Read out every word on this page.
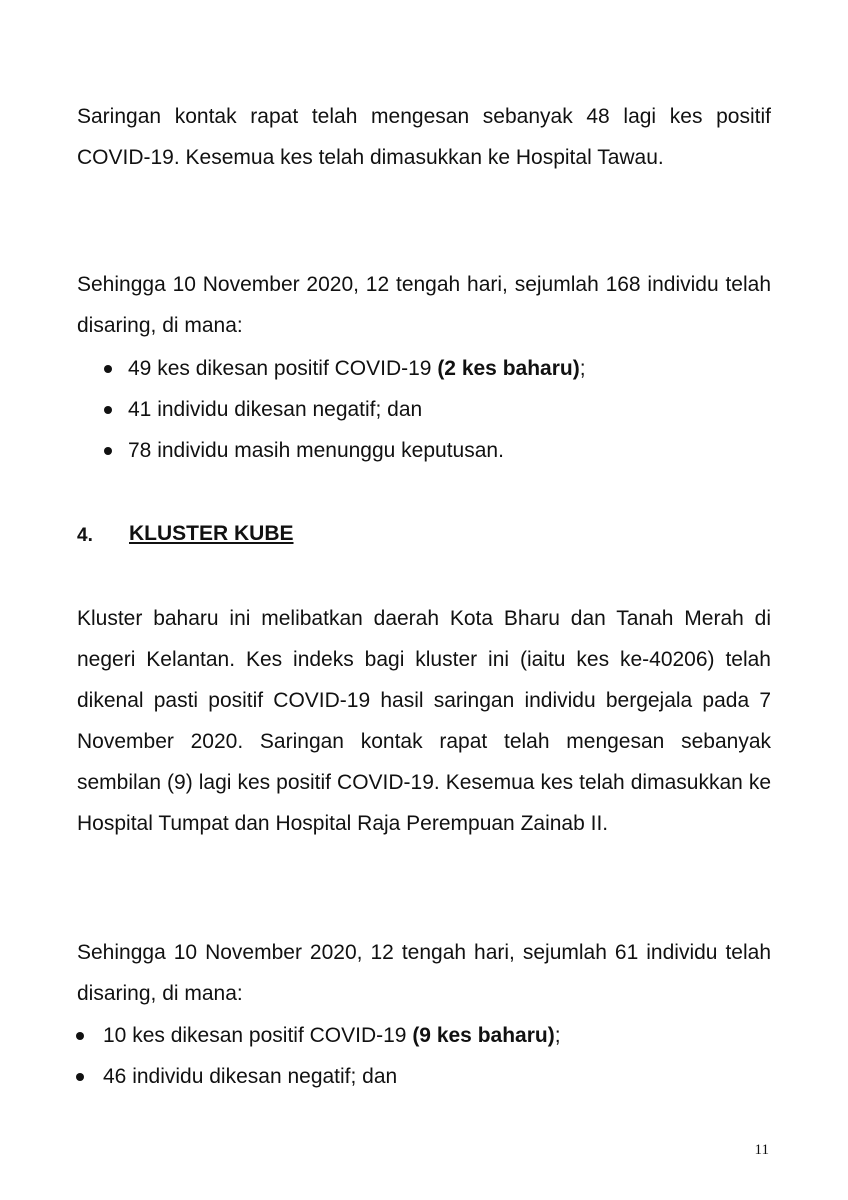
Saringan kontak rapat telah mengesan sebanyak 48 lagi kes positif COVID-19. Kesemua kes telah dimasukkan ke Hospital Tawau.

Sehingga 10 November 2020, 12 tengah hari, sejumlah 168 individu telah disaring, di mana:

49 kes dikesan positif COVID-19 (2 kes baharu);
41 individu dikesan negatif; dan
78 individu masih menunggu keputusan.
4. KLUSTER KUBE

Kluster baharu ini melibatkan daerah Kota Bharu dan Tanah Merah di negeri Kelantan. Kes indeks bagi kluster ini (iaitu kes ke-40206) telah dikenal pasti positif COVID-19 hasil saringan individu bergejala pada 7 November 2020. Saringan kontak rapat telah mengesan sebanyak sembilan (9) lagi kes positif COVID-19. Kesemua kes telah dimasukkan ke Hospital Tumpat dan Hospital Raja Perempuan Zainab II.

Sehingga 10 November 2020, 12 tengah hari, sejumlah 61 individu telah disaring, di mana:

10 kes dikesan positif COVID-19 (9 kes baharu);
46 individu dikesan negatif; dan
11
